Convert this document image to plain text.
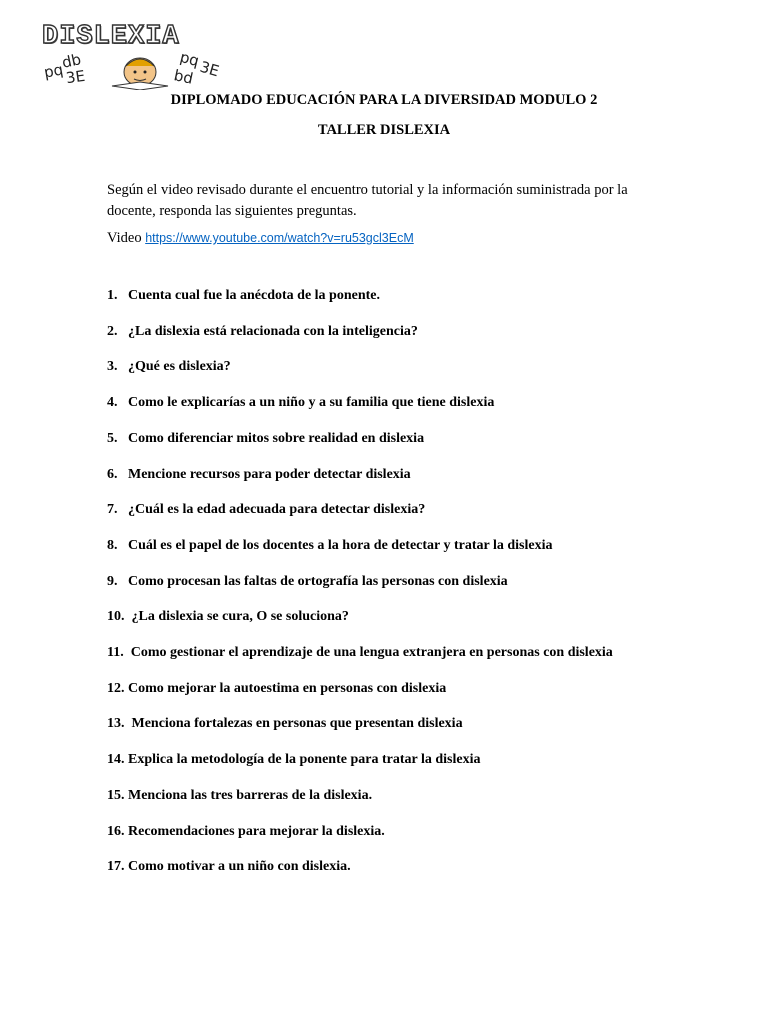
DISLEXIA
db
pq 3E
pq
3E
bd
DIPLOMADO EDUCACIÓN PARA LA DIVERSIDAD MODULO 2
TALLER DISLEXIA

Según el video revisado durante el encuentro tutorial y la información suministrada por la docente, responda las siguientes preguntas.

Video https://www.youtube.com/watch?v=ru53gcl3EcM
1.   Cuenta cual fue la anécdota de la ponente.
2.   ¿La dislexia está relacionada con la inteligencia?
3.   ¿Qué es dislexia?
4.   Como le explicarías a un niño y a su familia que tiene dislexia
5.   Como diferenciar mitos sobre realidad en dislexia
6.   Mencione recursos para poder detectar dislexia
7.   ¿Cuál es la edad adecuada para detectar dislexia?
8.   Cuál es el papel de los docentes a la hora de detectar y tratar la dislexia
9.   Como procesan las faltas de ortografía las personas con dislexia
10.  ¿La dislexia se cura, O se soluciona?
11.  Como gestionar el aprendizaje de una lengua extranjera en personas con dislexia
12. Como mejorar la autoestima en personas con dislexia
13.  Menciona fortalezas en personas que presentan dislexia
14. Explica la metodología de la ponente para tratar la dislexia
15. Menciona las tres barreras de la dislexia.
16. Recomendaciones para mejorar la dislexia.
17. Como motivar a un niño con dislexia.
